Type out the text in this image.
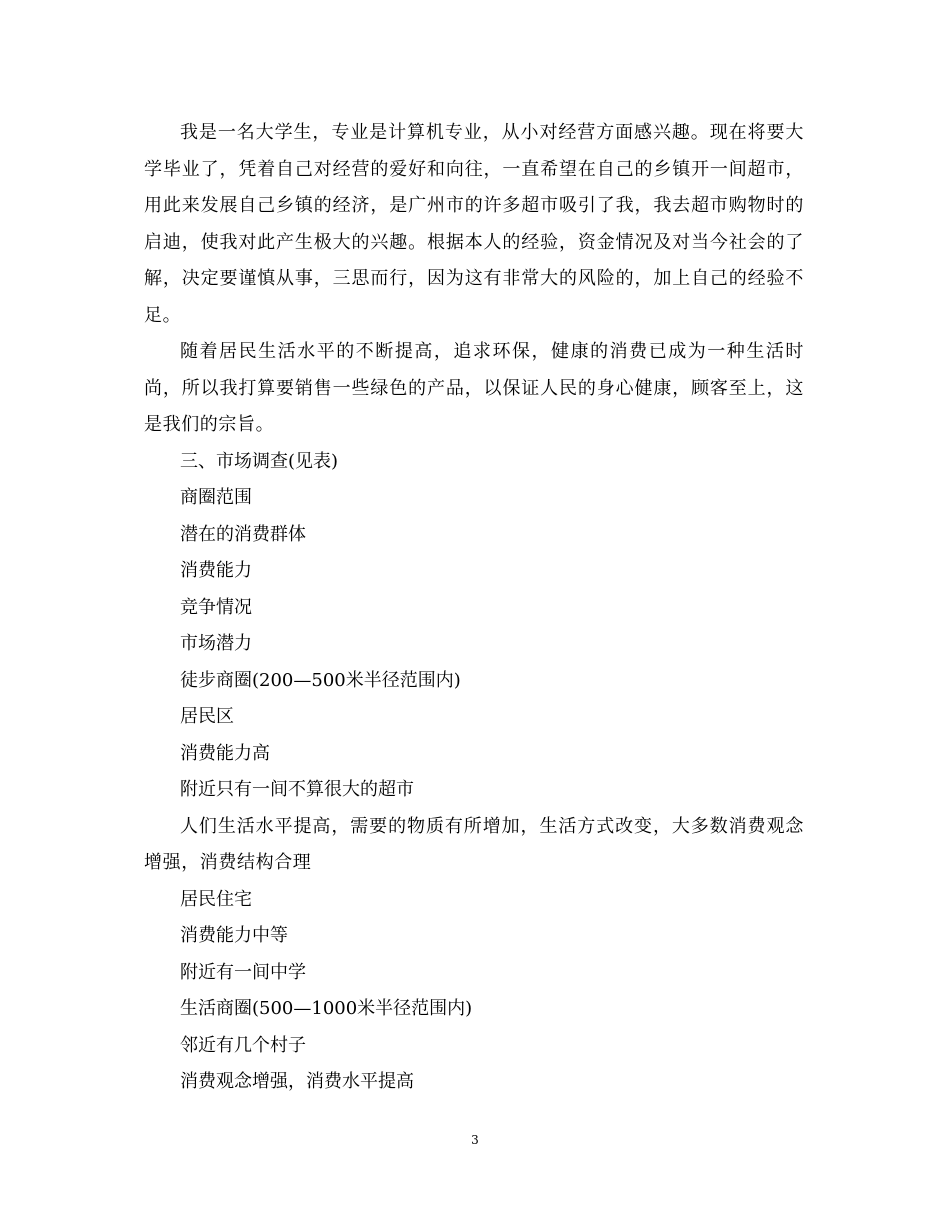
我是一名大学生，专业是计算机专业，从小对经营方面感兴趣。现在将要大学毕业了，凭着自己对经营的爱好和向往，一直希望在自己的乡镇开一间超市，用此来发展自己乡镇的经济，是广州市的许多超市吸引了我，我去超市购物时的启迪，使我对此产生极大的兴趣。根据本人的经验，资金情况及对当今社会的了解，决定要谨慎从事，三思而行，因为这有非常大的风险的，加上自己的经验不足。

随着居民生活水平的不断提高，追求环保，健康的消费已成为一种生活时尚，所以我打算要销售一些绿色的产品，以保证人民的身心健康，顾客至上，这是我们的宗旨。

三、市场调查(见表)

商圈范围

潜在的消费群体

消费能力

竞争情况

市场潜力

徒步商圈(200—500米半径范围内)

居民区

消费能力高

附近只有一间不算很大的超市

人们生活水平提高，需要的物质有所增加，生活方式改变，大多数消费观念增强，消费结构合理

居民住宅

消费能力中等

附近有一间中学

生活商圈(500—1000米半径范围内)

邻近有几个村子

消费观念增强，消费水平提高

3
